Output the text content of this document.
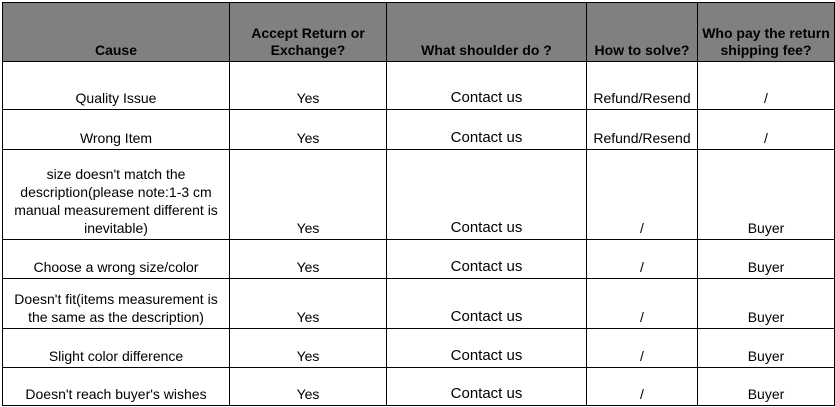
Cause	Accept Return or Exchange?	What shoulder do ?	How to solve?	Who pay the return shipping fee?
Quality Issue	Yes	Contact us	Refund/Resend	/
Wrong Item	Yes	Contact us	Refund/Resend	/
size doesn't match the description(please note:1-3 cm manual measurement different is inevitable)	Yes	Contact us	/	Buyer
Choose a wrong size/color	Yes	Contact us	/	Buyer
Doesn't fit(items measurement is the same as the description)	Yes	Contact us	/	Buyer
Slight color difference	Yes	Contact us	/	Buyer
Doesn't reach buyer's wishes	Yes	Contact us	/	Buyer
